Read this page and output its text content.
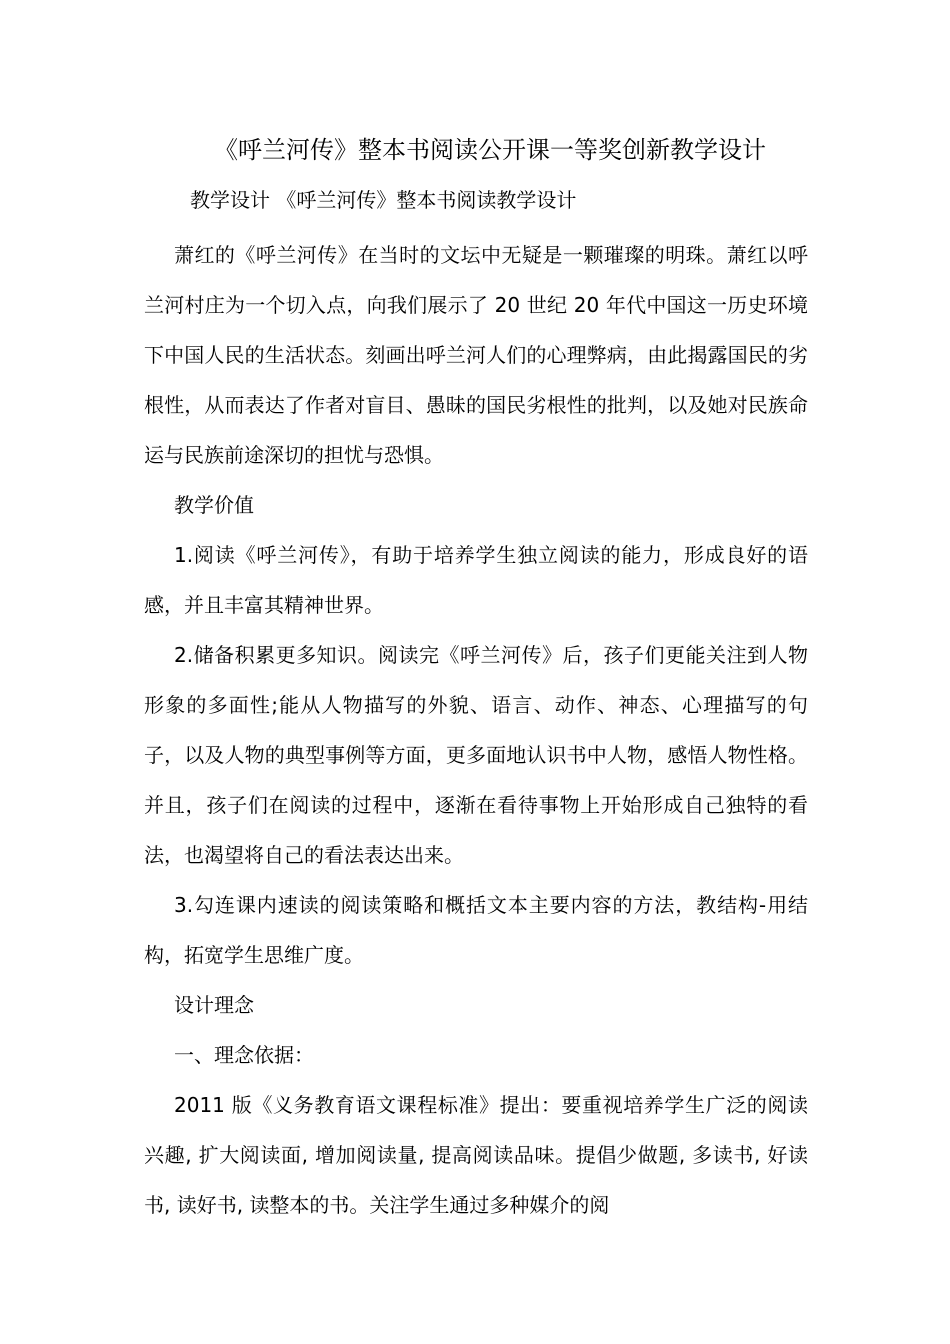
《呼兰河传》整本书阅读公开课一等奖创新教学设计
教学设计 《呼兰河传》整本书阅读教学设计

萧红的《呼兰河传》在当时的文坛中无疑是一颗璀璨的明珠。萧红以呼兰河村庄为一个切入点，向我们展示了 20 世纪 20 年代中国这一历史环境下中国人民的生活状态。刻画出呼兰河人们的心理弊病，由此揭露国民的劣根性，从而表达了作者对盲目、愚昧的国民劣根性的批判，以及她对民族命运与民族前途深切的担忧与恐惧。

教学价值

1.阅读《呼兰河传》，有助于培养学生独立阅读的能力，形成良好的语感，并且丰富其精神世界。

2.储备积累更多知识。阅读完《呼兰河传》后，孩子们更能关注到人物形象的多面性;能从人物描写的外貌、语言、动作、神态、心理描写的句子，以及人物的典型事例等方面，更多面地认识书中人物，感悟人物性格。并且，孩子们在阅读的过程中，逐渐在看待事物上开始形成自己独特的看法，也渴望将自己的看法表达出来。

3.勾连课内速读的阅读策略和概括文本主要内容的方法，教结构-用结构，拓宽学生思维广度。

设计理念

一、理念依据：

2011 版《义务教育语文课程标准》提出：要重视培养学生广泛的阅读兴趣, 扩大阅读面, 增加阅读量, 提高阅读品味。提倡少做题, 多读书, 好读书, 读好书, 读整本的书。关注学生通过多种媒介的阅
